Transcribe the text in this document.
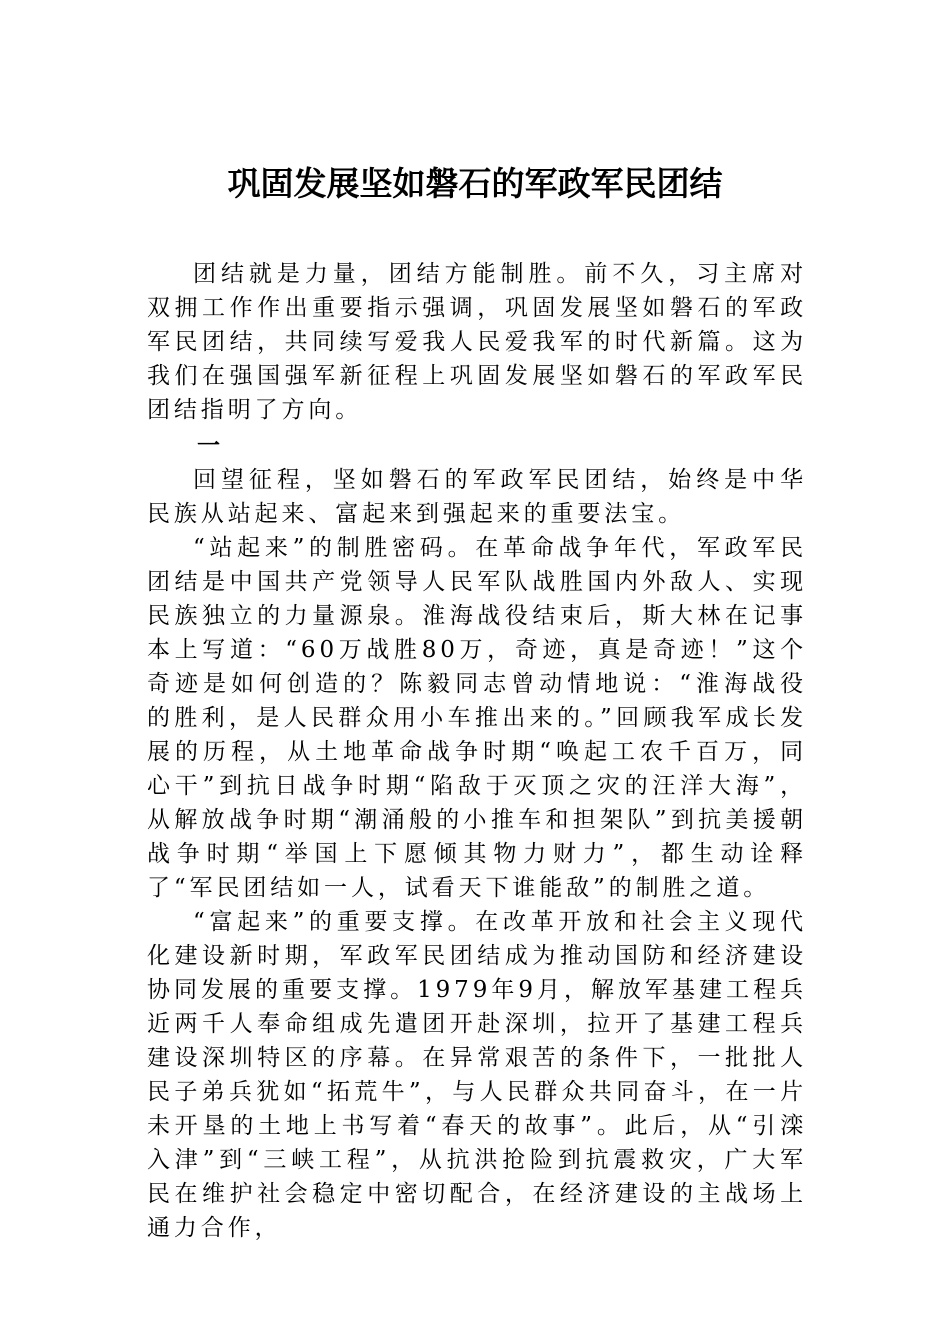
巩固发展坚如磐石的军政军民团结

团结就是力量，团结方能制胜。前不久，习主席对双拥工作作出重要指示强调，巩固发展坚如磐石的军政军民团结，共同续写爱我人民爱我军的时代新篇。这为我们在强国强军新征程上巩固发展坚如磐石的军政军民团结指明了方向。

一

回望征程，坚如磐石的军政军民团结，始终是中华民族从站起来、富起来到强起来的重要法宝。

“站起来”的制胜密码。在革命战争年代，军政军民团结是中国共产党领导人民军队战胜国内外敌人、实现民族独立的力量源泉。淮海战役结束后，斯大林在记事本上写道：“60万战胜80万，奇迹，真是奇迹！”这个奇迹是如何创造的？陈毅同志曾动情地说：“淮海战役的胜利，是人民群众用小车推出来的。”回顾我军成长发展的历程，从土地革命战争时期“唤起工农千百万，同心干”到抗日战争时期“陷敌于灭顶之灾的汪洋大海”，从解放战争时期“潮涌般的小推车和担架队”到抗美援朝战争时期“举国上下愿倾其物力财力”，都生动诠释了“军民团结如一人，试看天下谁能敌”的制胜之道。

“富起来”的重要支撑。在改革开放和社会主义现代化建设新时期，军政军民团结成为推动国防和经济建设协同发展的重要支撑。1979年9月，解放军基建工程兵近两千人奉命组成先遣团开赴深圳，拉开了基建工程兵建设深圳特区的序幕。在异常艰苦的条件下，一批批人民子弟兵犹如“拓荒牛”，与人民群众共同奋斗，在一片未开垦的土地上书写着“春天的故事”。此后，从“引滦入津”到“三峡工程”，从抗洪抢险到抗震救灾，广大军民在维护社会稳定中密切配合，在经济建设的主战场上通力合作，
